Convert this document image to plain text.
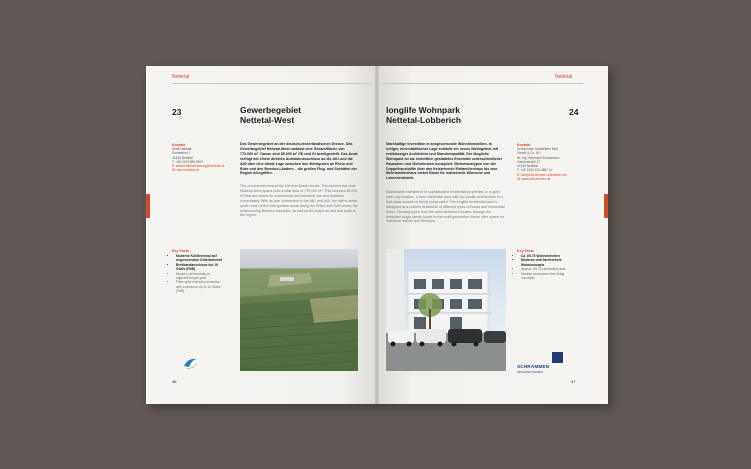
Nettetal
23	Gewerbegebiet
Nettetal-West
Kontakt
Stadt Nettetal
Doerkerhof 1
41334 Nettetal
T: +49 2153 898 8000
E: wirtschaftsfoerderung@nettetal.de
W: www.nettetal.de
Das Gewerbegebiet an der deutsch-niederländischen Grenze. Das Gewerbegebiet Nettetal-West umfasst eine Gesamtfläche von 770.000 m². Davon sind 85.000 m² GE und GI bereitgestellt. Das Areal verfügt mit einem direkten Autobahnanschluss an die A61 und die A40 über eine ideale Lage zwischen den Metropolen an Rhein und Ruhr und den Benelux-Ländern – die großen Flug- und Seehäfen der Region inbegriffen.
The commercial area at the German-Dutch border. The commercial zone Nettetal-West spans over a total area of 770,000 m². This includes 85,000 m² that are zoned for commercial and industrial use and available immediately. With its own connection to the A61 and A40, the site is within quick reach of the metropolitan areas along the Rhine and Ruhr rivers, the neighbouring Benelux countries, as well as the major air and sea ports in the region.
Key Facts
• Moderne Kühlterminal auf angrenzendem Güterbahnhof
• Breitbandanschluss bis 10 Gbit/s (FttB)
• Modern rail terminal on adjacent freight yard
• Fibre-optic internet connection with a speed of up to 10 Gbit/s (FttB)
46
Nettetal
longlife Wohnpark
Nettetal-Lobberich
24
Nachhaltige Investition in anspruchsvolle Wohnimmobilien. In ruhiger, innerstädtischer Lage entsteht ein neues Wohngebiet mit erstklassiger Architektur und Standortqualität. Der längliche Wohnpark ist als einheitlich gestaltetes Ensemble unterschiedlicher Hausarten und Wohnformen konzipiert. Wohnhaustypen von der Doppelhaushälfte über das freistehende Einfamilienhaus bis zum Mehrfamilienhaus bieten Raum für individuelle Wünsche und Lebensentwürfe.
Sustainable investment in sophisticated residential properties. In a quiet inner-city location, a new residential area with top-quality architecture in a first-class location is being constructed. The longlife residential park is designed as a uniform ensemble of different types of house and residential forms. Housing types from the semi-detached houses, through the detached single-family house to the multi-generation house offer space for individual wishes and lifestyles.
Kontakt
Schrammen Architekten BDA
GmbH & Co. KG
Dr.-Ing. Reinhard Schrammen
Gartenstraße 17
41334 Nettetal
T: +49 2153 123 4567 10
E: info@schrammen-architekten.de
W: www.schrammen.de
Key Facts
• Ca. 65-75 Wohneinheiten
• Moderne und barrierefreie Wohnkonzepte
• Approx. 65-75 residential units
• Modern and barrier-free living concepts
SCHRAMMEN
ARCHITEKTEN BDA
47
